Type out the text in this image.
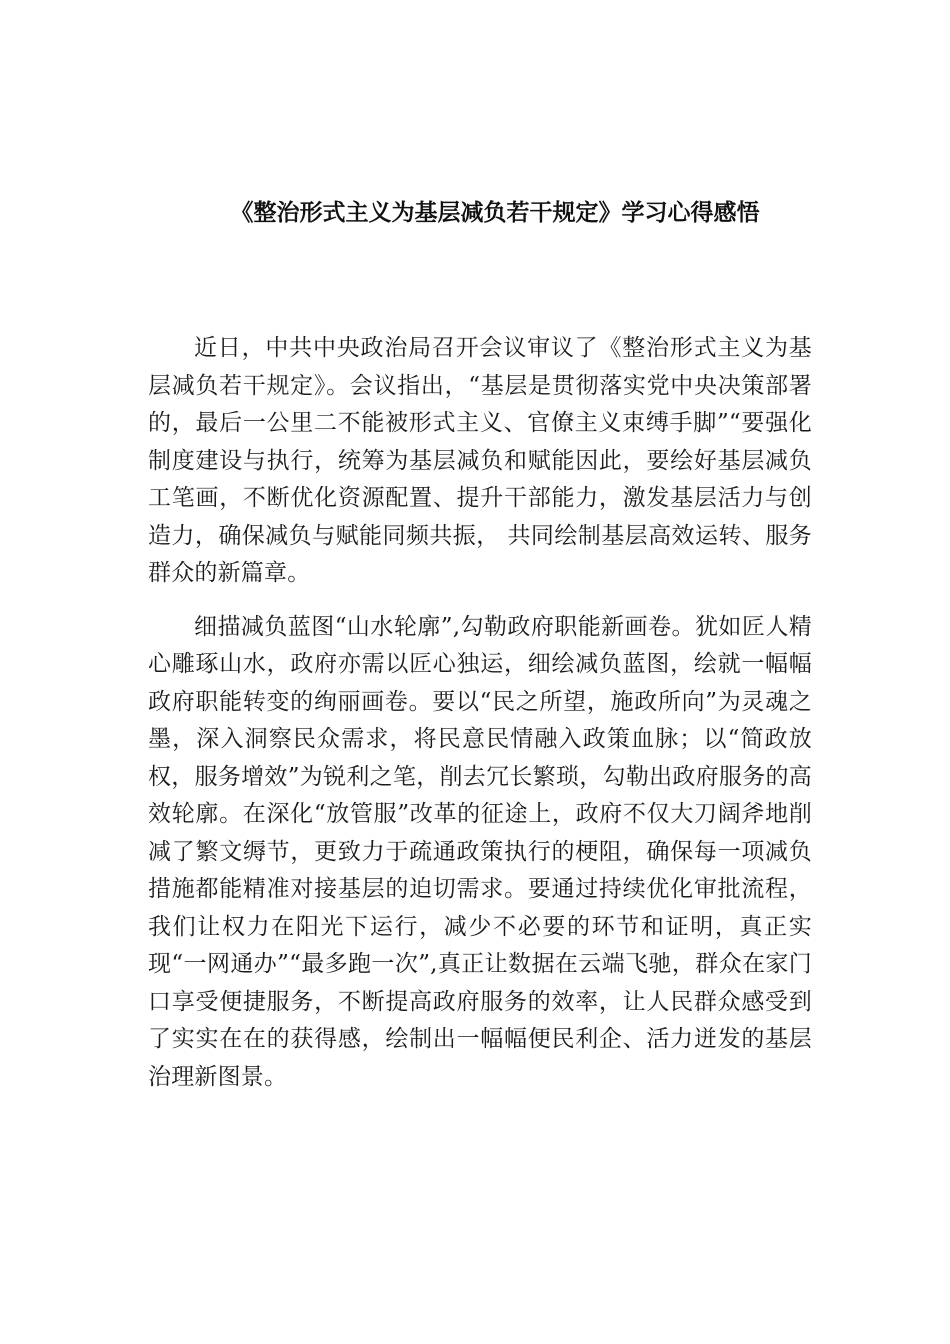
《整治形式主义为基层减负若干规定》学习心得感悟

近日，中共中央政治局召开会议审议了《整治形式主义为基层减负若干规定》。会议指出，“基层是贯彻落实党中央决策部署的，最后一公里二不能被形式主义、官僚主义束缚手脚”“要强化制度建设与执行，统筹为基层减负和赋能因此，要绘好基层减负工笔画，不断优化资源配置、提升干部能力，激发基层活力与创造力，确保减负与赋能同频共振， 共同绘制基层高效运转、服务群众的新篇章。

细描减负蓝图“山水轮廓”,勾勒政府职能新画卷。犹如匠人精心雕琢山水，政府亦需以匠心独运，细绘减负蓝图，绘就一幅幅政府职能转变的绚丽画卷。要以“民之所望，施政所向”为灵魂之墨，深入洞察民众需求，将民意民情融入政策血脉；以“简政放权，服务增效”为锐利之笔，削去冗长繁琐，勾勒出政府服务的高效轮廓。在深化“放管服”改革的征途上，政府不仅大刀阔斧地削减了繁文缛节，更致力于疏通政策执行的梗阻，确保每一项减负措施都能精准对接基层的迫切需求。要通过持续优化审批流程，我们让权力在阳光下运行，减少不必要的环节和证明，真正实现“一网通办”“最多跑一次”,真正让数据在云端飞驰，群众在家门口享受便捷服务，不断提高政府服务的效率，让人民群众感受到了实实在在的获得感，绘制出一幅幅便民利企、活力迸发的基层治理新图景。
